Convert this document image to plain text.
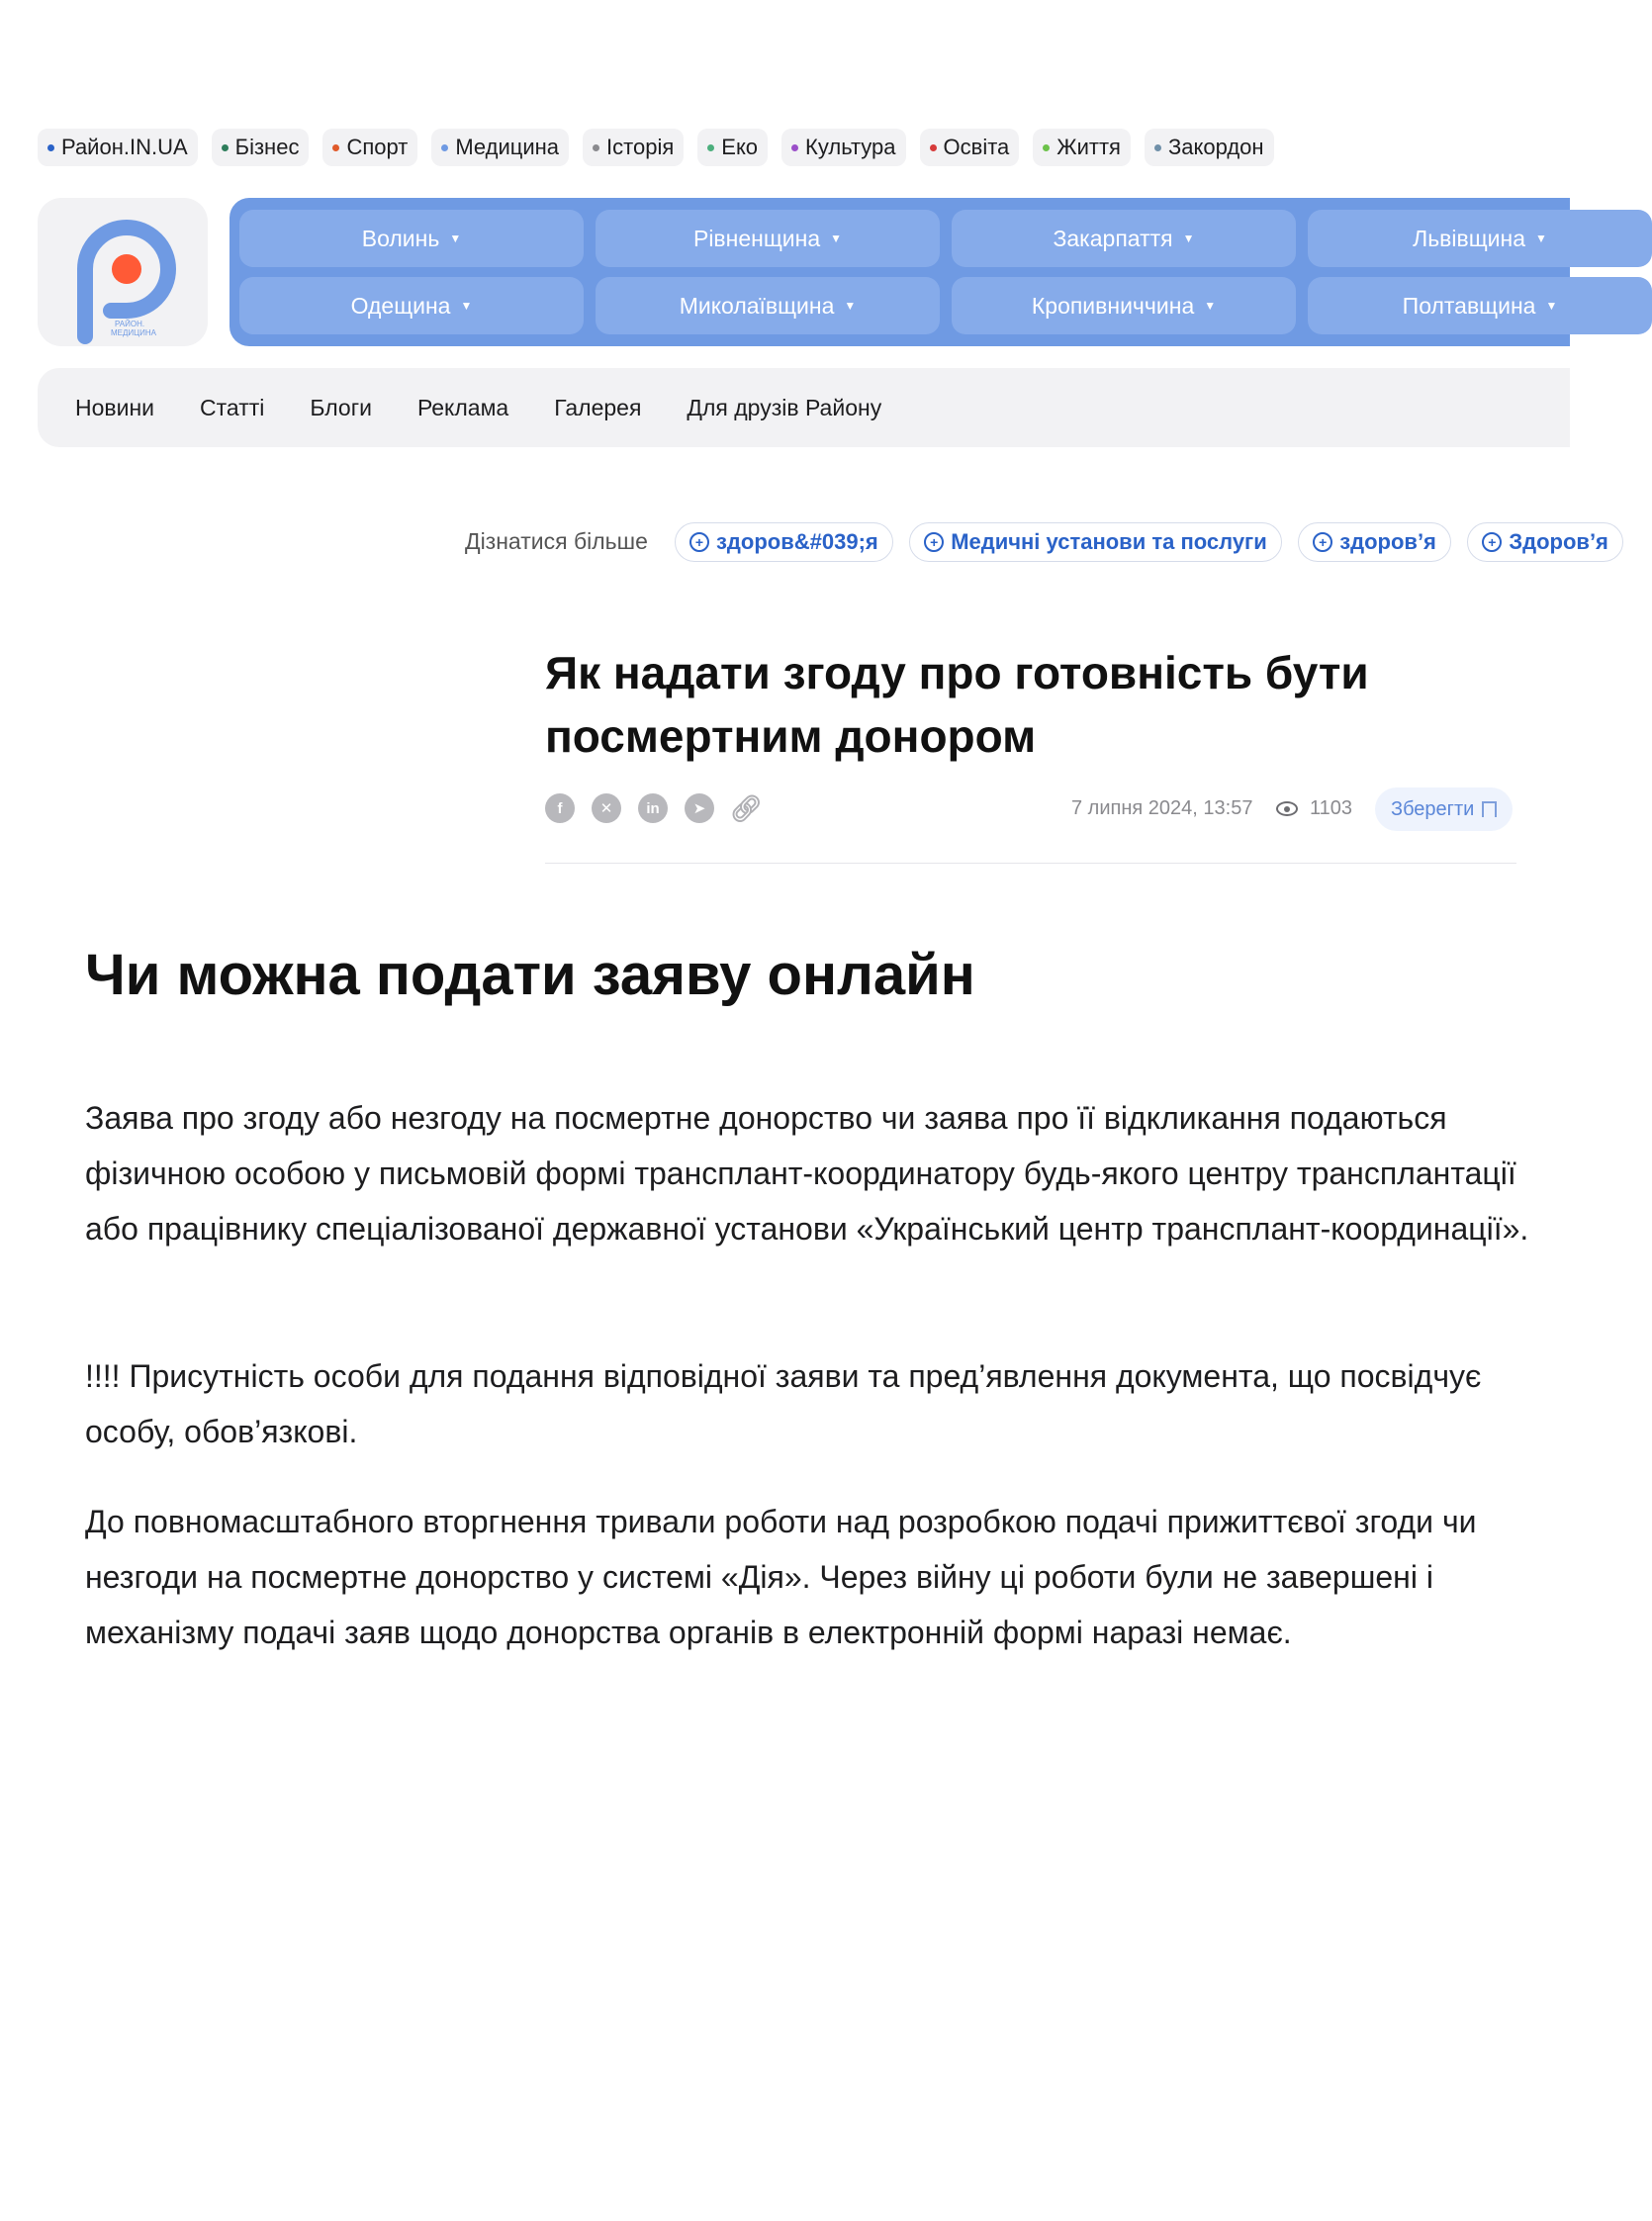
Район.IN.UA Бізнес Спорт Медицина Історія Еко Культура Освіта Життя Закордон
РАЙОН.
МЕДИЦИНА
Волинь ▼	Рівненщина ▼	Закарпаття ▼	Львівщина ▼
Одещина ▼	Миколаївщина ▼	Кропивниччина ▼	Полтавщина ▼
Новини Статті Блоги Реклама Галерея Для друзів Району
Дізнатися більше	+ здоров&#039;я
	+ Медичні установи та послуги
	+ здоров’я
	+ Здоров’я
Як надати згоду про готовність бути посмертним донором
f	✕	in	➤ 🔗︎	7 липня 2024, 13:57	1103 Зберегти
Чи можна подати заяву онлайн

Заява про згоду або незгоду на посмертне донорство чи заява про її відкликання подаються фізичною особою у письмовій формі трансплант-координатору будь-якого центру трансплантації або працівнику спеціалізованої державної установи «Український центр трансплант-координації».

!!!! Присутність особи для подання відповідної заяви та пред’явлення документа, що посвідчує особу, обов’язкові.

До повномасштабного вторгнення тривали роботи над розробкою подачі прижиттєвої згоди чи незгоди на посмертне донорство у системі «Дія». Через війну ці роботи були не завершені і механізму подачі заяв щодо донорства органів в електронній формі наразі немає.
